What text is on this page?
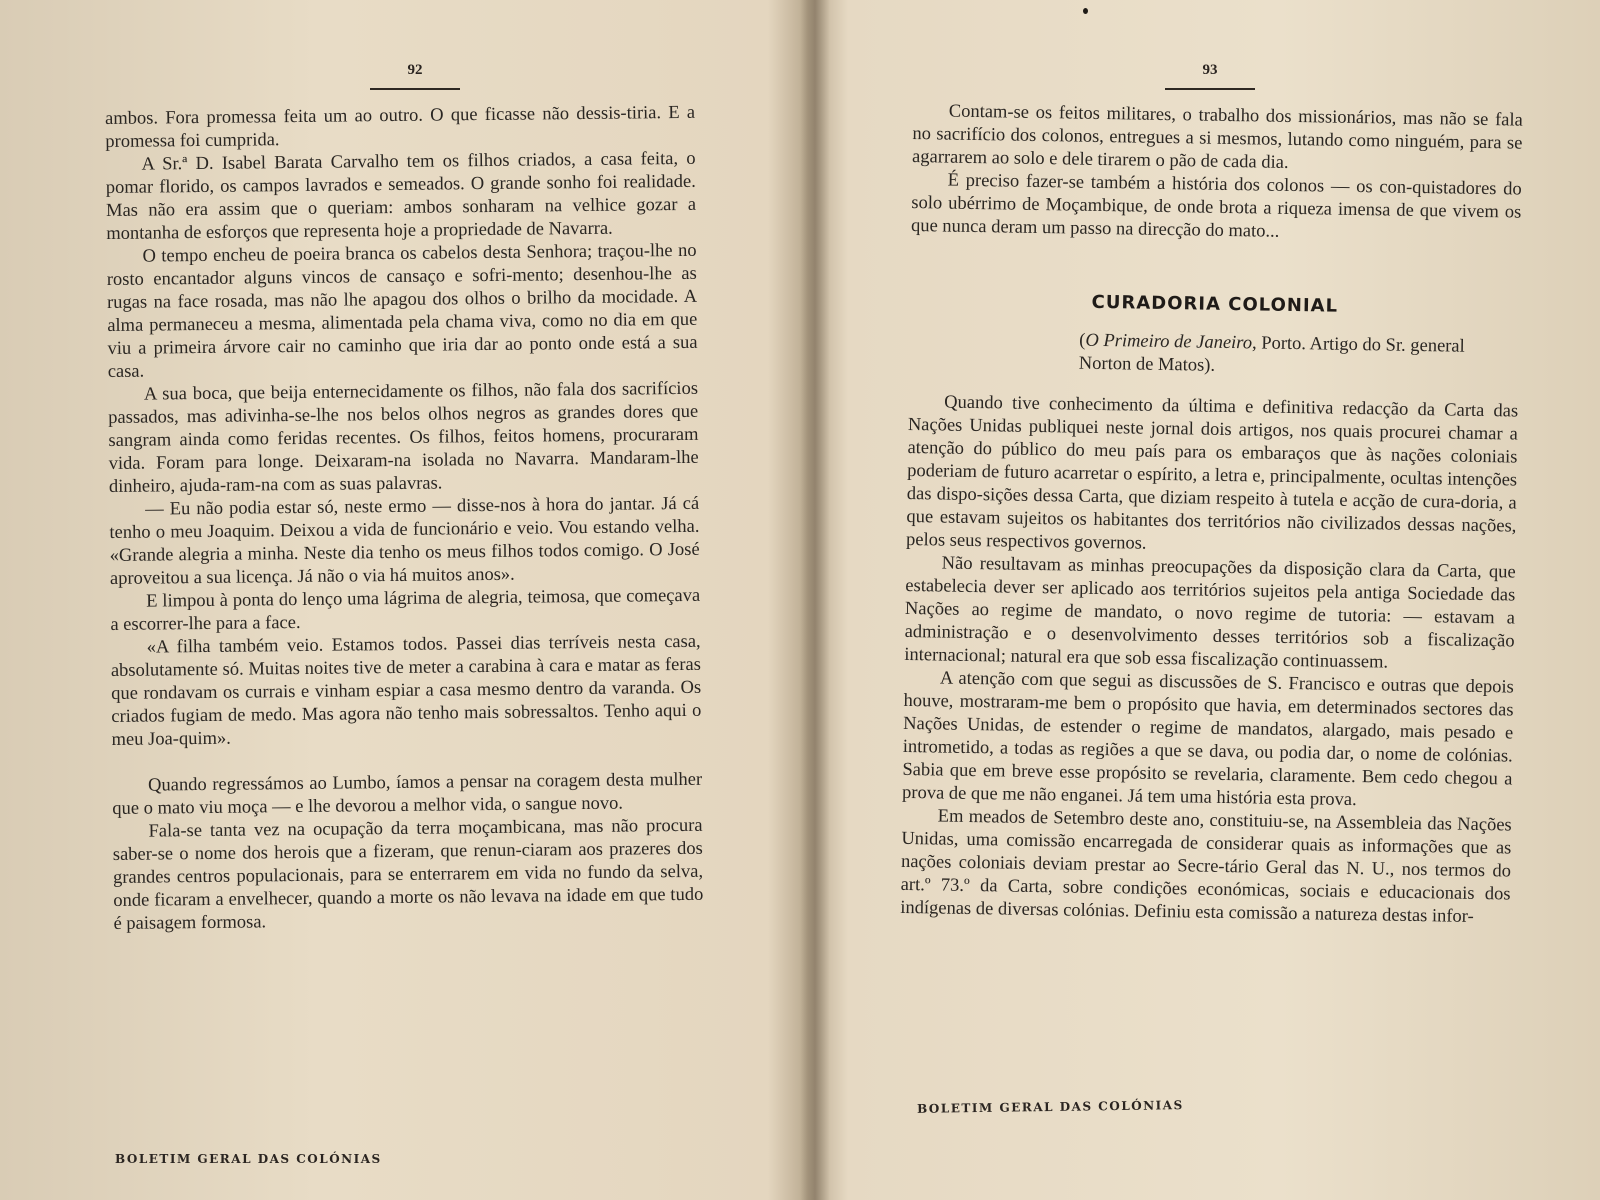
92

ambos. Fora promessa feita um ao outro. O que ficasse não dessis-tiria. E a promessa foi cumprida.

A Sr.ª D. Isabel Barata Carvalho tem os filhos criados, a casa feita, o pomar florido, os campos lavrados e semeados. O grande sonho foi realidade. Mas não era assim que o queriam: ambos sonharam na velhice gozar a montanha de esforços que representa hoje a propriedade de Navarra.

O tempo encheu de poeira branca os cabelos desta Senhora; traçou-lhe no rosto encantador alguns vincos de cansaço e sofri-mento; desenhou-lhe as rugas na face rosada, mas não lhe apagou dos olhos o brilho da mocidade. A alma permaneceu a mesma, alimentada pela chama viva, como no dia em que viu a primeira árvore cair no caminho que iria dar ao ponto onde está a sua casa.

A sua boca, que beija enternecidamente os filhos, não fala dos sacrifícios passados, mas adivinha-se-lhe nos belos olhos negros as grandes dores que sangram ainda como feridas recentes. Os filhos, feitos homens, procuraram vida. Foram para longe. Deixaram-na isolada no Navarra. Mandaram-lhe dinheiro, ajuda-ram-na com as suas palavras.

— Eu não podia estar só, neste ermo — disse-nos à hora do jantar. Já cá tenho o meu Joaquim. Deixou a vida de funcionário e veio. Vou estando velha. «Grande alegria a minha. Neste dia tenho os meus filhos todos comigo. O José aproveitou a sua licença. Já não o via há muitos anos».

E limpou à ponta do lenço uma lágrima de alegria, teimosa, que começava a escorrer-lhe para a face.

«A filha também veio. Estamos todos. Passei dias terríveis nesta casa, absolutamente só. Muitas noites tive de meter a carabina à cara e matar as feras que rondavam os currais e vinham espiar a casa mesmo dentro da varanda. Os criados fugiam de medo. Mas agora não tenho mais sobressaltos. Tenho aqui o meu Joa-quim».

Quando regressámos ao Lumbo, íamos a pensar na coragem desta mulher que o mato viu moça — e lhe devorou a melhor vida, o sangue novo.

Fala-se tanta vez na ocupação da terra moçambicana, mas não procura saber-se o nome dos herois que a fizeram, que renun-ciaram aos prazeres dos grandes centros populacionais, para se enterrarem em vida no fundo da selva, onde ficaram a envelhecer, quando a morte os não levava na idade em que tudo é paisagem formosa.

BOLETIM GERAL DAS COLÓNIAS
93

Contam-se os feitos militares, o trabalho dos missionários, mas não se fala no sacrifício dos colonos, entregues a si mesmos, lutando como ninguém, para se agarrarem ao solo e dele tirarem o pão de cada dia.

É preciso fazer-se também a história dos colonos — os con-quistadores do solo ubérrimo de Moçambique, de onde brota a riqueza imensa de que vivem os que nunca deram um passo na direcção do mato...

CURADORIA COLONIAL

(O Primeiro de Janeiro, Porto. Artigo do Sr. general Norton de Matos).

Quando tive conhecimento da última e definitiva redacção da Carta das Nações Unidas publiquei neste jornal dois artigos, nos quais procurei chamar a atenção do público do meu país para os embaraços que às nações coloniais poderiam de futuro acarretar o espírito, a letra e, principalmente, ocultas intenções das dispo-sições dessa Carta, que diziam respeito à tutela e acção de cura-doria, a que estavam sujeitos os habitantes dos territórios não civilizados dessas nações, pelos seus respectivos governos.

Não resultavam as minhas preocupações da disposição clara da Carta, que estabelecia dever ser aplicado aos territórios sujeitos pela antiga Sociedade das Nações ao regime de mandato, o novo regime de tutoria: — estavam a administração e o desenvolvimento desses territórios sob a fiscalização internacional; natural era que sob essa fiscalização continuassem.

A atenção com que segui as discussões de S. Francisco e outras que depois houve, mostraram-me bem o propósito que havia, em determinados sectores das Nações Unidas, de estender o regime de mandatos, alargado, mais pesado e intrometido, a todas as regiões a que se dava, ou podia dar, o nome de colónias. Sabia que em breve esse propósito se revelaria, claramente. Bem cedo chegou a prova de que me não enganei. Já tem uma história esta prova.

Em meados de Setembro deste ano, constituiu-se, na Assembleia das Nações Unidas, uma comissão encarregada de considerar quais as informações que as nações coloniais deviam prestar ao Secre-tário Geral das N. U., nos termos do art.º 73.º da Carta, sobre condições económicas, sociais e educacionais dos indígenas de diversas colónias. Definiu esta comissão a natureza destas infor-

BOLETIM GERAL DAS COLÓNIAS
